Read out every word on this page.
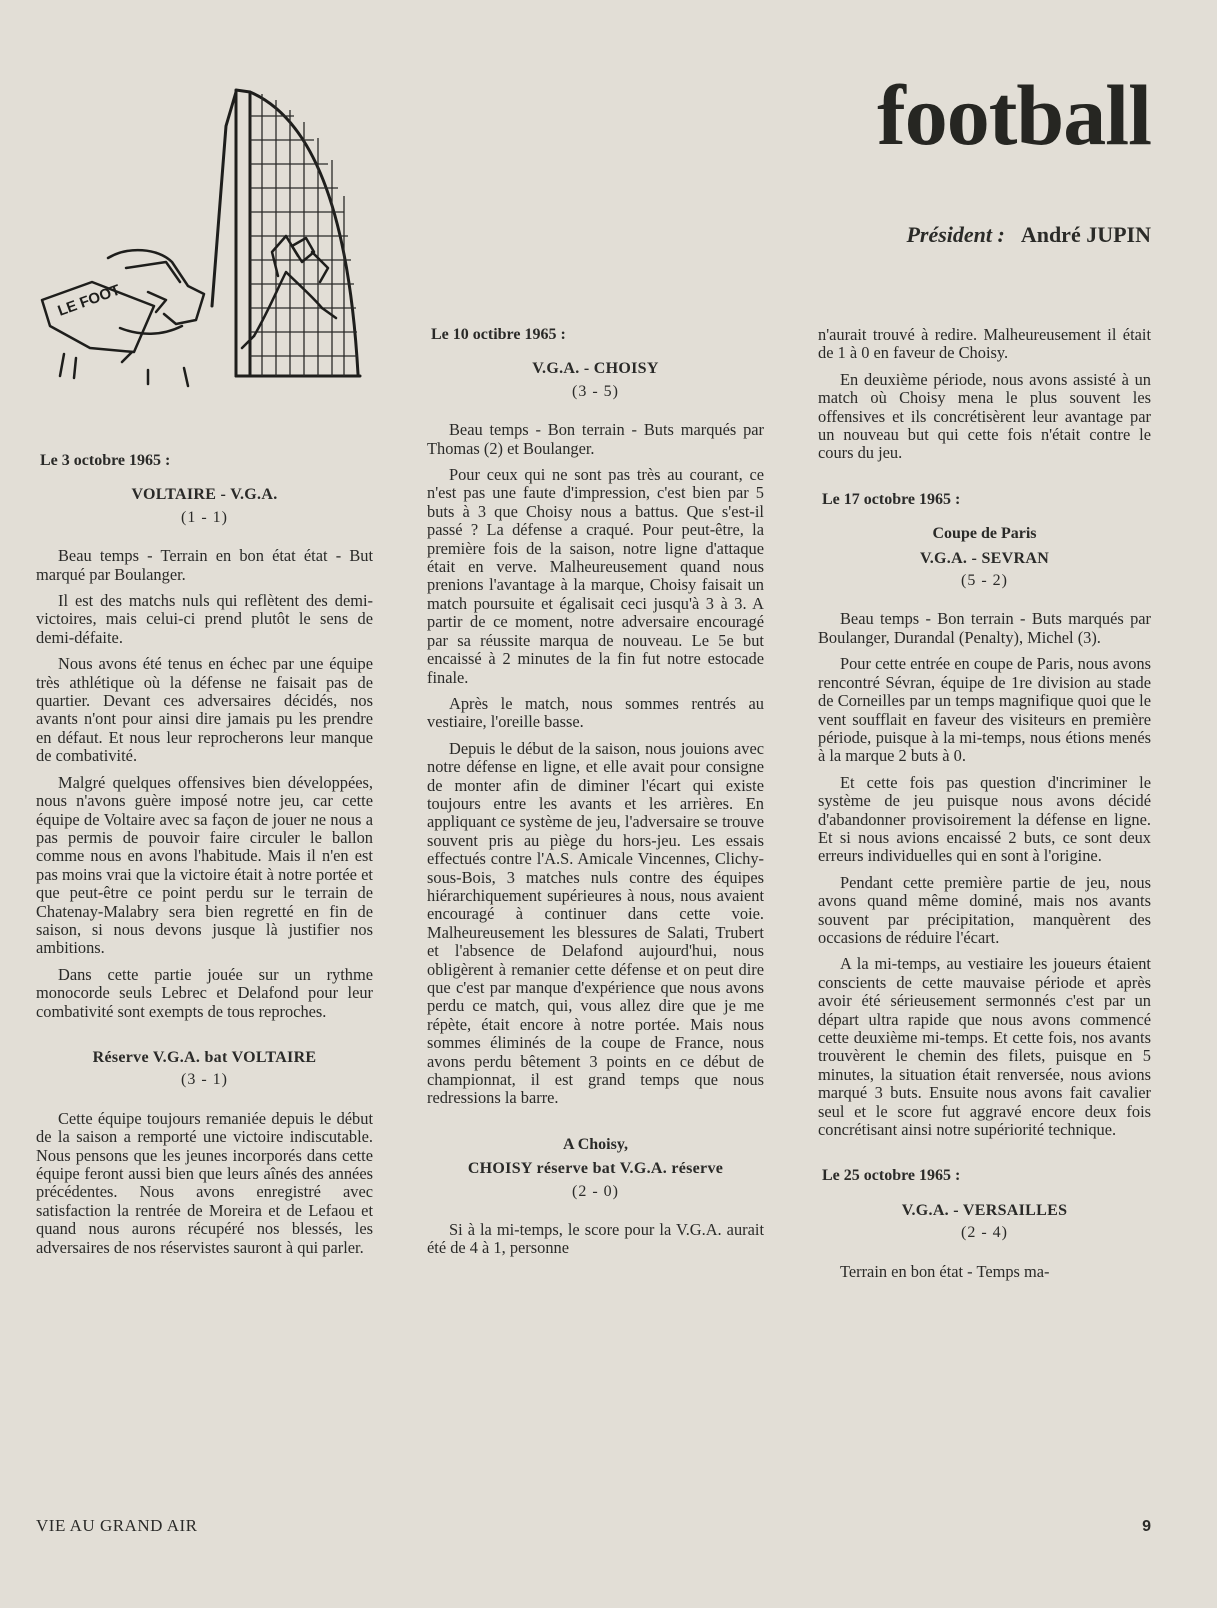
football
Président : André JUPIN
LE FOOT
Le 3 octobre 1965 :
VOLTAIRE - V.G.A.
(1 - 1)

Beau temps - Terrain en bon état état - But marqué par Boulanger.

Il est des matchs nuls qui reflètent des demi-victoires, mais celui-ci prend plutôt le sens de demi-défaite.

Nous avons été tenus en échec par une équipe très athlétique où la défense ne faisait pas de quartier. Devant ces adversaires décidés, nos avants n'ont pour ainsi dire jamais pu les prendre en défaut. Et nous leur reprocherons leur manque de combativité.

Malgré quelques offensives bien développées, nous n'avons guère imposé notre jeu, car cette équipe de Voltaire avec sa façon de jouer ne nous a pas permis de pouvoir faire circuler le ballon comme nous en avons l'habitude. Mais il n'en est pas moins vrai que la victoire était à notre portée et que peut-être ce point perdu sur le terrain de Chatenay-Malabry sera bien regretté en fin de saison, si nous devons jusque là justifier nos ambitions.

Dans cette partie jouée sur un rythme monocorde seuls Lebrec et Delafond pour leur combativité sont exempts de tous reproches.

Réserve V.G.A. bat VOLTAIRE
(3 - 1)

Cette équipe toujours remaniée depuis le début de la saison a remporté une victoire indiscutable. Nous pensons que les jeunes incorporés dans cette équipe feront aussi bien que leurs aînés des années précédentes. Nous avons enregistré avec satisfaction la rentrée de Moreira et de Lefaou et quand nous aurons récupéré nos blessés, les adversaires de nos réservistes sauront à qui parler.

Le 10 octibre 1965 :
V.G.A. - CHOISY
(3 - 5)

Beau temps - Bon terrain - Buts marqués par Thomas (2) et Boulanger.

Pour ceux qui ne sont pas très au courant, ce n'est pas une faute d'impression, c'est bien par 5 buts à 3 que Choisy nous a battus. Que s'est-il passé ? La défense a craqué. Pour peut-être, la première fois de la saison, notre ligne d'attaque était en verve. Malheureusement quand nous prenions l'avantage à la marque, Choisy faisait un match poursuite et égalisait ceci jusqu'à 3 à 3. A partir de ce moment, notre adversaire encouragé par sa réussite marqua de nouveau. Le 5e but encaissé à 2 minutes de la fin fut notre estocade finale.

Après le match, nous sommes rentrés au vestiaire, l'oreille basse.

Depuis le début de la saison, nous jouions avec notre défense en ligne, et elle avait pour consigne de monter afin de diminer l'écart qui existe toujours entre les avants et les arrières. En appliquant ce système de jeu, l'adversaire se trouve souvent pris au piège du hors-jeu. Les essais effectués contre l'A.S. Amicale Vincennes, Clichy-sous-Bois, 3 matches nuls contre des équipes hiérarchiquement supérieures à nous, nous avaient encouragé à continuer dans cette voie. Malheureusement les blessures de Salati, Trubert et l'absence de Delafond aujourd'hui, nous obligèrent à remanier cette défense et on peut dire que c'est par manque d'expérience que nous avons perdu ce match, qui, vous allez dire que je me répète, était encore à notre portée. Mais nous sommes éliminés de la coupe de France, nous avons perdu bêtement 3 points en ce début de championnat, il est grand temps que nous redressions la barre.

A Choisy,
CHOISY réserve bat V.G.A. réserve
(2 - 0)

Si à la mi-temps, le score pour la V.G.A. aurait été de 4 à 1, personne

n'aurait trouvé à redire. Malheureusement il était de 1 à 0 en faveur de Choisy.

En deuxième période, nous avons assisté à un match où Choisy mena le plus souvent les offensives et ils concrétisèrent leur avantage par un nouveau but qui cette fois n'était contre le cours du jeu.

Le 17 octobre 1965 :
Coupe de Paris
V.G.A. - SEVRAN
(5 - 2)

Beau temps - Bon terrain - Buts marqués par Boulanger, Durandal (Penalty), Michel (3).

Pour cette entrée en coupe de Paris, nous avons rencontré Sévran, équipe de 1re division au stade de Corneilles par un temps magnifique quoi que le vent soufflait en faveur des visiteurs en première période, puisque à la mi-temps, nous étions menés à la marque 2 buts à 0.

Et cette fois pas question d'incriminer le système de jeu puisque nous avons décidé d'abandonner provisoirement la défense en ligne. Et si nous avions encaissé 2 buts, ce sont deux erreurs individuelles qui en sont à l'origine.

Pendant cette première partie de jeu, nous avons quand même dominé, mais nos avants souvent par précipitation, manquèrent des occasions de réduire l'écart.

A la mi-temps, au vestiaire les joueurs étaient conscients de cette mauvaise période et après avoir été sérieusement sermonnés c'est par un départ ultra rapide que nous avons commencé cette deuxième mi-temps. Et cette fois, nos avants trouvèrent le chemin des filets, puisque en 5 minutes, la situation était renversée, nous avions marqué 3 buts. Ensuite nous avons fait cavalier seul et le score fut aggravé encore deux fois concrétisant ainsi notre supériorité technique.

Le 25 octobre 1965 :
V.G.A. - VERSAILLES
(2 - 4)

Terrain en bon état - Temps ma-

VIE AU GRAND AIR	9
